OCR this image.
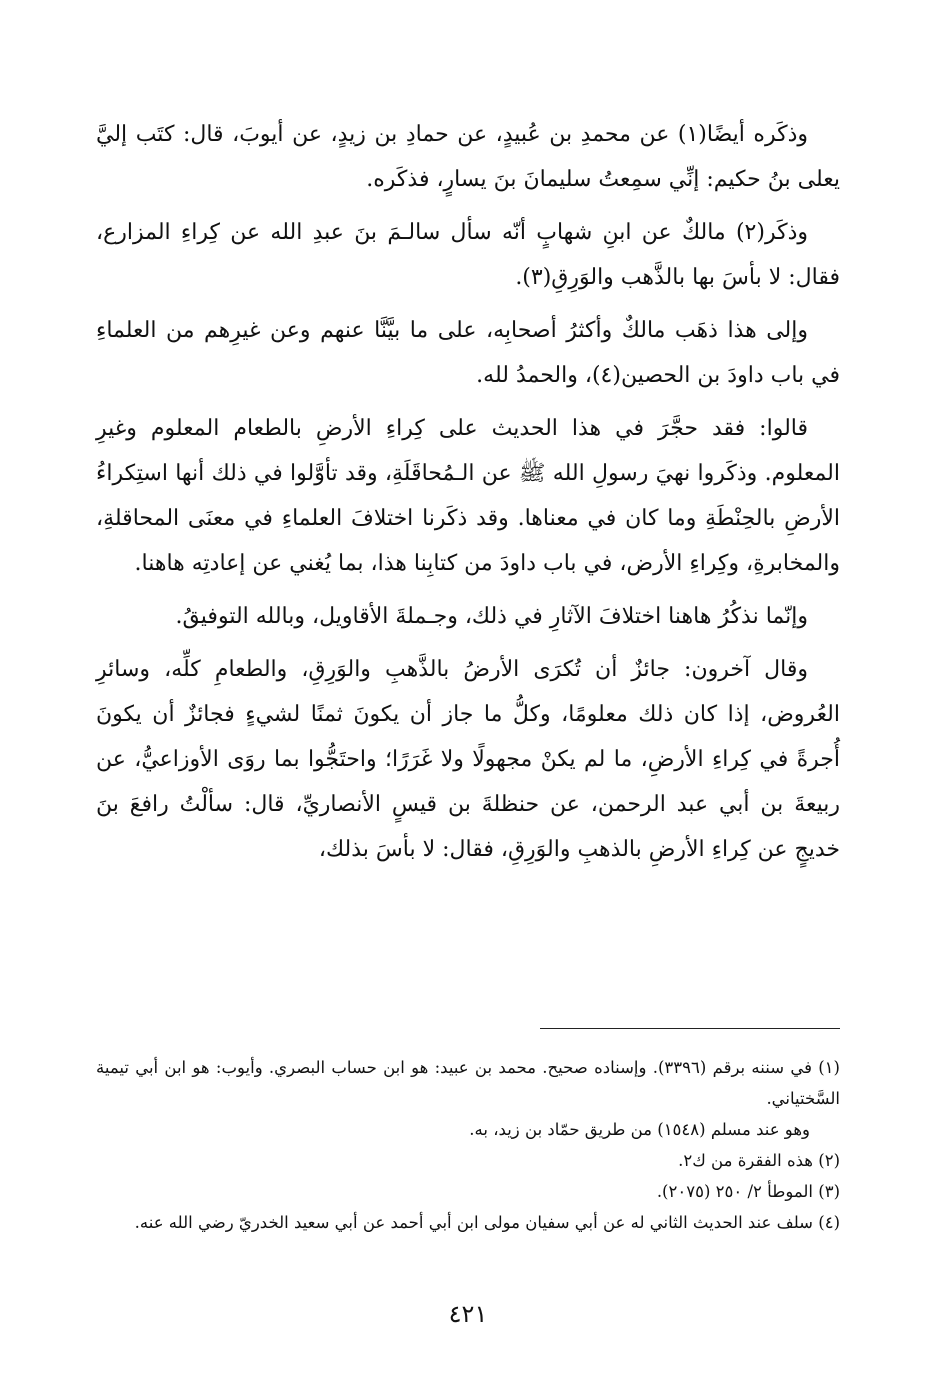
وذكَره أيضًا(١) عن محمدِ بن عُبيدٍ، عن حمادِ بن زيدٍ، عن أيوبَ، قال: كتَب إليَّ يعلى بنُ حكيم: إنِّي سمِعتُ سليمانَ بنَ يسارٍ، فذكَره.

وذكَر(٢) مالكٌ عن ابنِ شهابٍ أنّه سأل سالـمَ بنَ عبدِ الله عن كِراءِ المزارع، فقال: لا بأسَ بها بالذَّهب والوَرِقِ(٣).

وإلى هذا ذهَب مالكٌ وأكثرُ أصحابِه، على ما بيَّنَّا عنهم وعن غيرِهم من العلماءِ في باب داودَ بن الحصين(٤)، والحمدُ لله.

قالوا: فقد حجَّرَ في هذا الحديث على كِراءِ الأرضِ بالطعام المعلوم وغيرِ المعلوم. وذكَروا نهيَ رسولِ الله ﷺ عن الـمُحاقَلَةِ، وقد تأوَّلوا في ذلك أنها استِكراءُ الأرضِ بالحِنْطَةِ وما كان في معناها. وقد ذكَرنا اختلافَ العلماءِ في معنَى المحاقلةِ، والمخابرةِ، وكِراءِ الأرض، في باب داودَ من كتابِنا هذا، بما يُغني عن إعادتِه هاهنا.

وإنّما نذكُرُ هاهنا اختلافَ الآثارِ في ذلك، وجـملةَ الأقاويل، وبالله التوفيقُ.

وقال آخرون: جائزٌ أن تُكرَى الأرضُ بالذَّهبِ والوَرِقِ، والطعامِ كلِّه، وسائرِ العُروض، إذا كان ذلك معلومًا، وكلُّ ما جاز أن يكونَ ثمنًا لشيءٍ فجائزٌ أن يكونَ أُجرةً في كِراءِ الأرضِ، ما لم يكنْ مجهولًا ولا غَرَرًا؛ واحتَجُّوا بما روَى الأوزاعيُّ، عن ربيعةَ بن أبي عبد الرحمن، عن حنظلةَ بن قيسٍ الأنصاريِّ، قال: سألْتُ رافعَ بنَ خديجٍ عن كِراءِ الأرضِ بالذهبِ والوَرِقِ، فقال: لا بأسَ بذلك،

(١) في سننه برقم (٣٣٩٦). وإسناده صحيح. محمد بن عبيد: هو ابن حساب البصري. وأيوب: هو ابن أبي تيمية السَّختياني.

وهو عند مسلم (١٥٤٨) من طريق حمّاد بن زيد، به.

(٢) هذه الفقرة من ك٢.

(٣) الموطأ ٢/ ٢٥٠ (٢٠٧٥).

(٤) سلف عند الحديث الثاني له عن أبي سفيان مولى ابن أبي أحمد عن أبي سعيد الخدريّ رضي الله عنه.

٤٢١
